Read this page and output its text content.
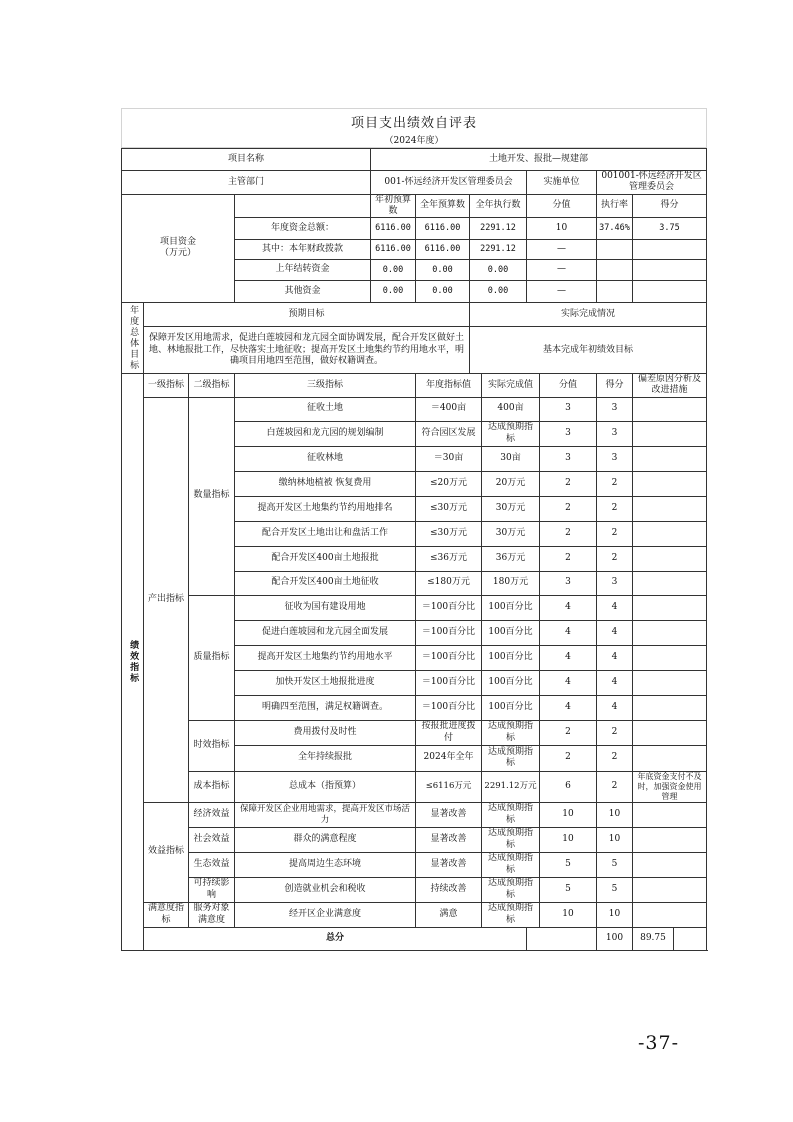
项目支出绩效自评表
（2024年度）
项目名称				土地开发、报批—规建部								
主管部门				001-怀远经济开发区管理委员会				实施单位		001001-怀远经济开发区管理委员会		
项目资金
（万元）				年初预算数	全年预算数	全年执行数		分值		执行率	得分	
			年度资金总额：	6116.00	6116.00	2291.12		10		37.46%	3.75	
			其中：本年财政拨款	6116.00	6116.00	2291.12		—				
			上年结转资金	0.00	0.00	0.00		—				
			其他资金	0.00	0.00	0.00		—				
年度总体目标	预期目标					实际完成情况						
	保障开发区用地需求，促进白莲坡园和龙亢园全面协调发展，配合开发区做好土地、林地报批工作，尽快落实土地征收；提高开发区土地集约节约用地水平，明确项目用地四至范围，做好权籍调查。					基本完成年初绩效目标						
绩效指标	一级指标	二级指标	三级指标		年度指标值		实际完成值		分值	得分	偏差原因分析及改进措施	
	产出指标	数量指标	征收土地		＝400亩		400亩		3	3		
			白莲坡园和龙亢园的规划编制		符合园区发展		达成预期指标		3	3		
			征收林地		＝30亩		30亩		3	3		
			缴纳林地植被 恢复费用		≤20万元		20万元		2	2		
			提高开发区土地集约节约用地排名		≤30万元		30万元		2	2		
			配合开发区土地出让和盘活工作		≤30万元		30万元		2	2		
			配合开发区400亩土地报批		≤36万元		36万元		2	2		
			配合开发区400亩土地征收		≤180万元		180万元		3	3		
		质量指标	征收为国有建设用地		＝100百分比		100百分比		4	4		
			促进白莲坡园和龙亢园全面发展		＝100百分比		100百分比		4	4		
			提高开发区土地集约节约用地水平		＝100百分比		100百分比		4	4		
			加快开发区土地报批进度		＝100百分比		100百分比		4	4		
			明确四至范围，满足权籍调查。		＝100百分比		100百分比		4	4		
		时效指标	费用拨付及时性		按报批进度拨付		达成预期指标		2	2		
			全年持续报批		2024年全年		达成预期指标		2	2		
		成本指标	总成本（指预算）		≤6116万元		2291.12万元		6	2	年底资金支付不及时，加强资金使用管理	
	效益指标	经济效益	保障开发区企业用地需求，提高开发区市场活力		显著改善		达成预期指标		10	10		
		社会效益	群众的满意程度		显著改善		达成预期指标		10	10		
		生态效益	提高周边生态环境		显著改善		达成预期指标		5	5		
		可持续影响	创造就业机会和税收		持续改善		达成预期指标		5	5		
	满意度指标	服务对象满意度	经开区企业满意度		满意		达成预期指标		10	10		
	总分									100	89.75	
-37-
